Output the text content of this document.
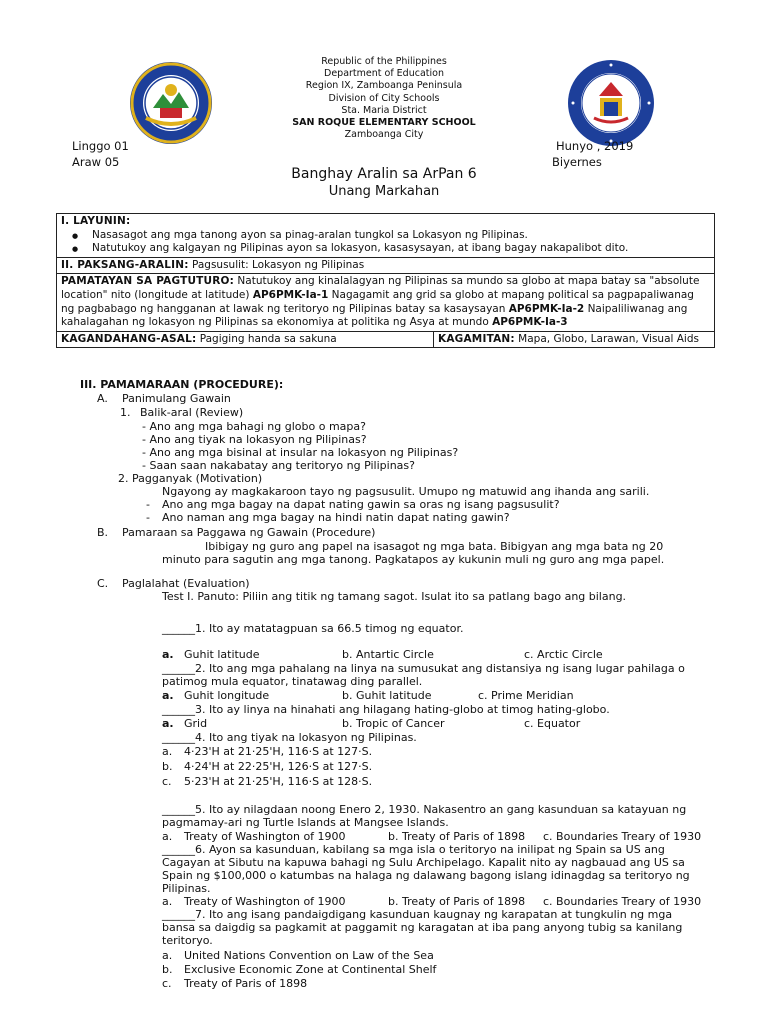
Republic of the Philippines
Department of Education
Region IX, Zamboanga Peninsula
Division of City Schools
Sta. Maria District
SAN ROQUE ELEMENTARY SCHOOL
Zamboanga City
Linggo 01
Araw 05
Hunyo , 2019
Biyernes
Banghay Aralin sa ArPan 6
Unang Markahan
I. LAYUNIN:
● Nasasagot ang mga tanong ayon sa pinag-aralan tungkol sa Lokasyon ng Pilipinas.
● Natutukoy ang kalgayan ng Pilipinas ayon sa lokasyon, kasasysayan, at ibang bagay nakapalibot dito.

II. PAKSANG-ARALIN: Pagsusulit: Lokasyon ng Pilipinas
PAMATAYAN SA PAGTUTURO: Natutukoy ang kinalalagyan ng Pilipinas sa mundo sa globo at mapa batay sa "absolute location" nito (longitude at latitude) AP6PMK-Ia-1 Nagagamit ang grid sa globo at mapang political sa pagpapaliwanag ng pagbabago ng hangganan at lawak ng teritoryo ng Pilipinas batay sa kasaysayan AP6PMK-Ia-2 Naipaliliwanag ang kahalagahan ng lokasyon ng Pilipinas sa ekonomiya at politika ng Asya at mundo AP6PMK-Ia-3
KAGANDAHANG-ASAL: Pagiging handa sa sakuna	KAGAMITAN: Mapa, Globo, Larawan, Visual Aids
III. PAMAMARAAN (PROCEDURE):
A. Panimulang Gawain
1. Balik-aral (Review)
- Ano ang mga bahagi ng globo o mapa?
- Ano ang tiyak na lokasyon ng Pilipinas?
- Ano ang mga bisinal at insular na lokasyon ng Pilipinas?
- Saan saan nakabatay ang teritoryo ng Pilipinas?
2. Pagganyak (Motivation)
Ngayong ay magkakaroon tayo ng pagsusulit. Umupo ng matuwid ang ihanda ang sarili.
- Ano ang mga bagay na dapat nating gawin sa oras ng isang pagsusulit?
- Ano naman ang mga bagay na hindi natin dapat nating gawin?
B. Pamaraan sa Paggawa ng Gawain (Procedure)
Ibibigay ng guro ang papel na isasagot ng mga bata. Bibigyan ang mga bata ng 20
minuto para sagutin ang mga tanong. Pagkatapos ay kukunin muli ng guro ang mga papel.
C. Paglalahat (Evaluation)
Test I. Panuto: Piliin ang titik ng tamang sagot. Isulat ito sa patlang bago ang bilang.
______1. Ito ay matatagpuan sa 66.5 timog ng equator.
a. Guhit latitude	b. Antartic Circle	c. Arctic Circle
______2. Ito ang mga pahalang na linya na sumusukat ang distansiya ng isang lugar pahilaga o
patimog mula equator, tinatawag ding parallel.
a. Guhit longitude	b. Guhit latitude	c. Prime Meridian
______3. Ito ay linya na hinahati ang hilagang hating-globo at timog hating-globo.
a. Grid	b. Tropic of Cancer	c. Equator
______4. Ito ang tiyak na lokasyon ng Pilipinas.
a. 4·23'H at 21·25'H, 116·S at 127·S.
b. 4·24'H at 22·25'H, 126·S at 127·S.
c. 5·23'H at 21·25'H, 116·S at 128·S.
______5. Ito ay nilagdaan noong Enero 2, 1930. Nakasentro an gang kasunduan sa katayuan ng
pagmamay-ari ng Turtle Islands at Mangsee Islands.
a. Treaty of Washington of 1900	b. Treaty of Paris of 1898 c. Boundaries Treary of 1930
______6. Ayon sa kasunduan, kabilang sa mga isla o teritoryo na inilipat ng Spain sa US ang
Cagayan at Sibutu na kapuwa bahagi ng Sulu Archipelago. Kapalit nito ay nagbauad ang US sa
Spain ng $100,000 o katumbas na halaga ng dalawang bagong islang idinagdag sa teritoryo ng
Pilipinas.
a. Treaty of Washington of 1900	b. Treaty of Paris of 1898 c. Boundaries Treary of 1930
______7. Ito ang isang pandaigdigang kasunduan kaugnay ng karapatan at tungkulin ng mga
bansa sa daigdig sa pagkamit at paggamit ng karagatan at iba pang anyong tubig sa kanilang
teritoryo.
a. United Nations Convention on Law of the Sea
b. Exclusive Economic Zone at Continental Shelf
c. Treaty of Paris of 1898
